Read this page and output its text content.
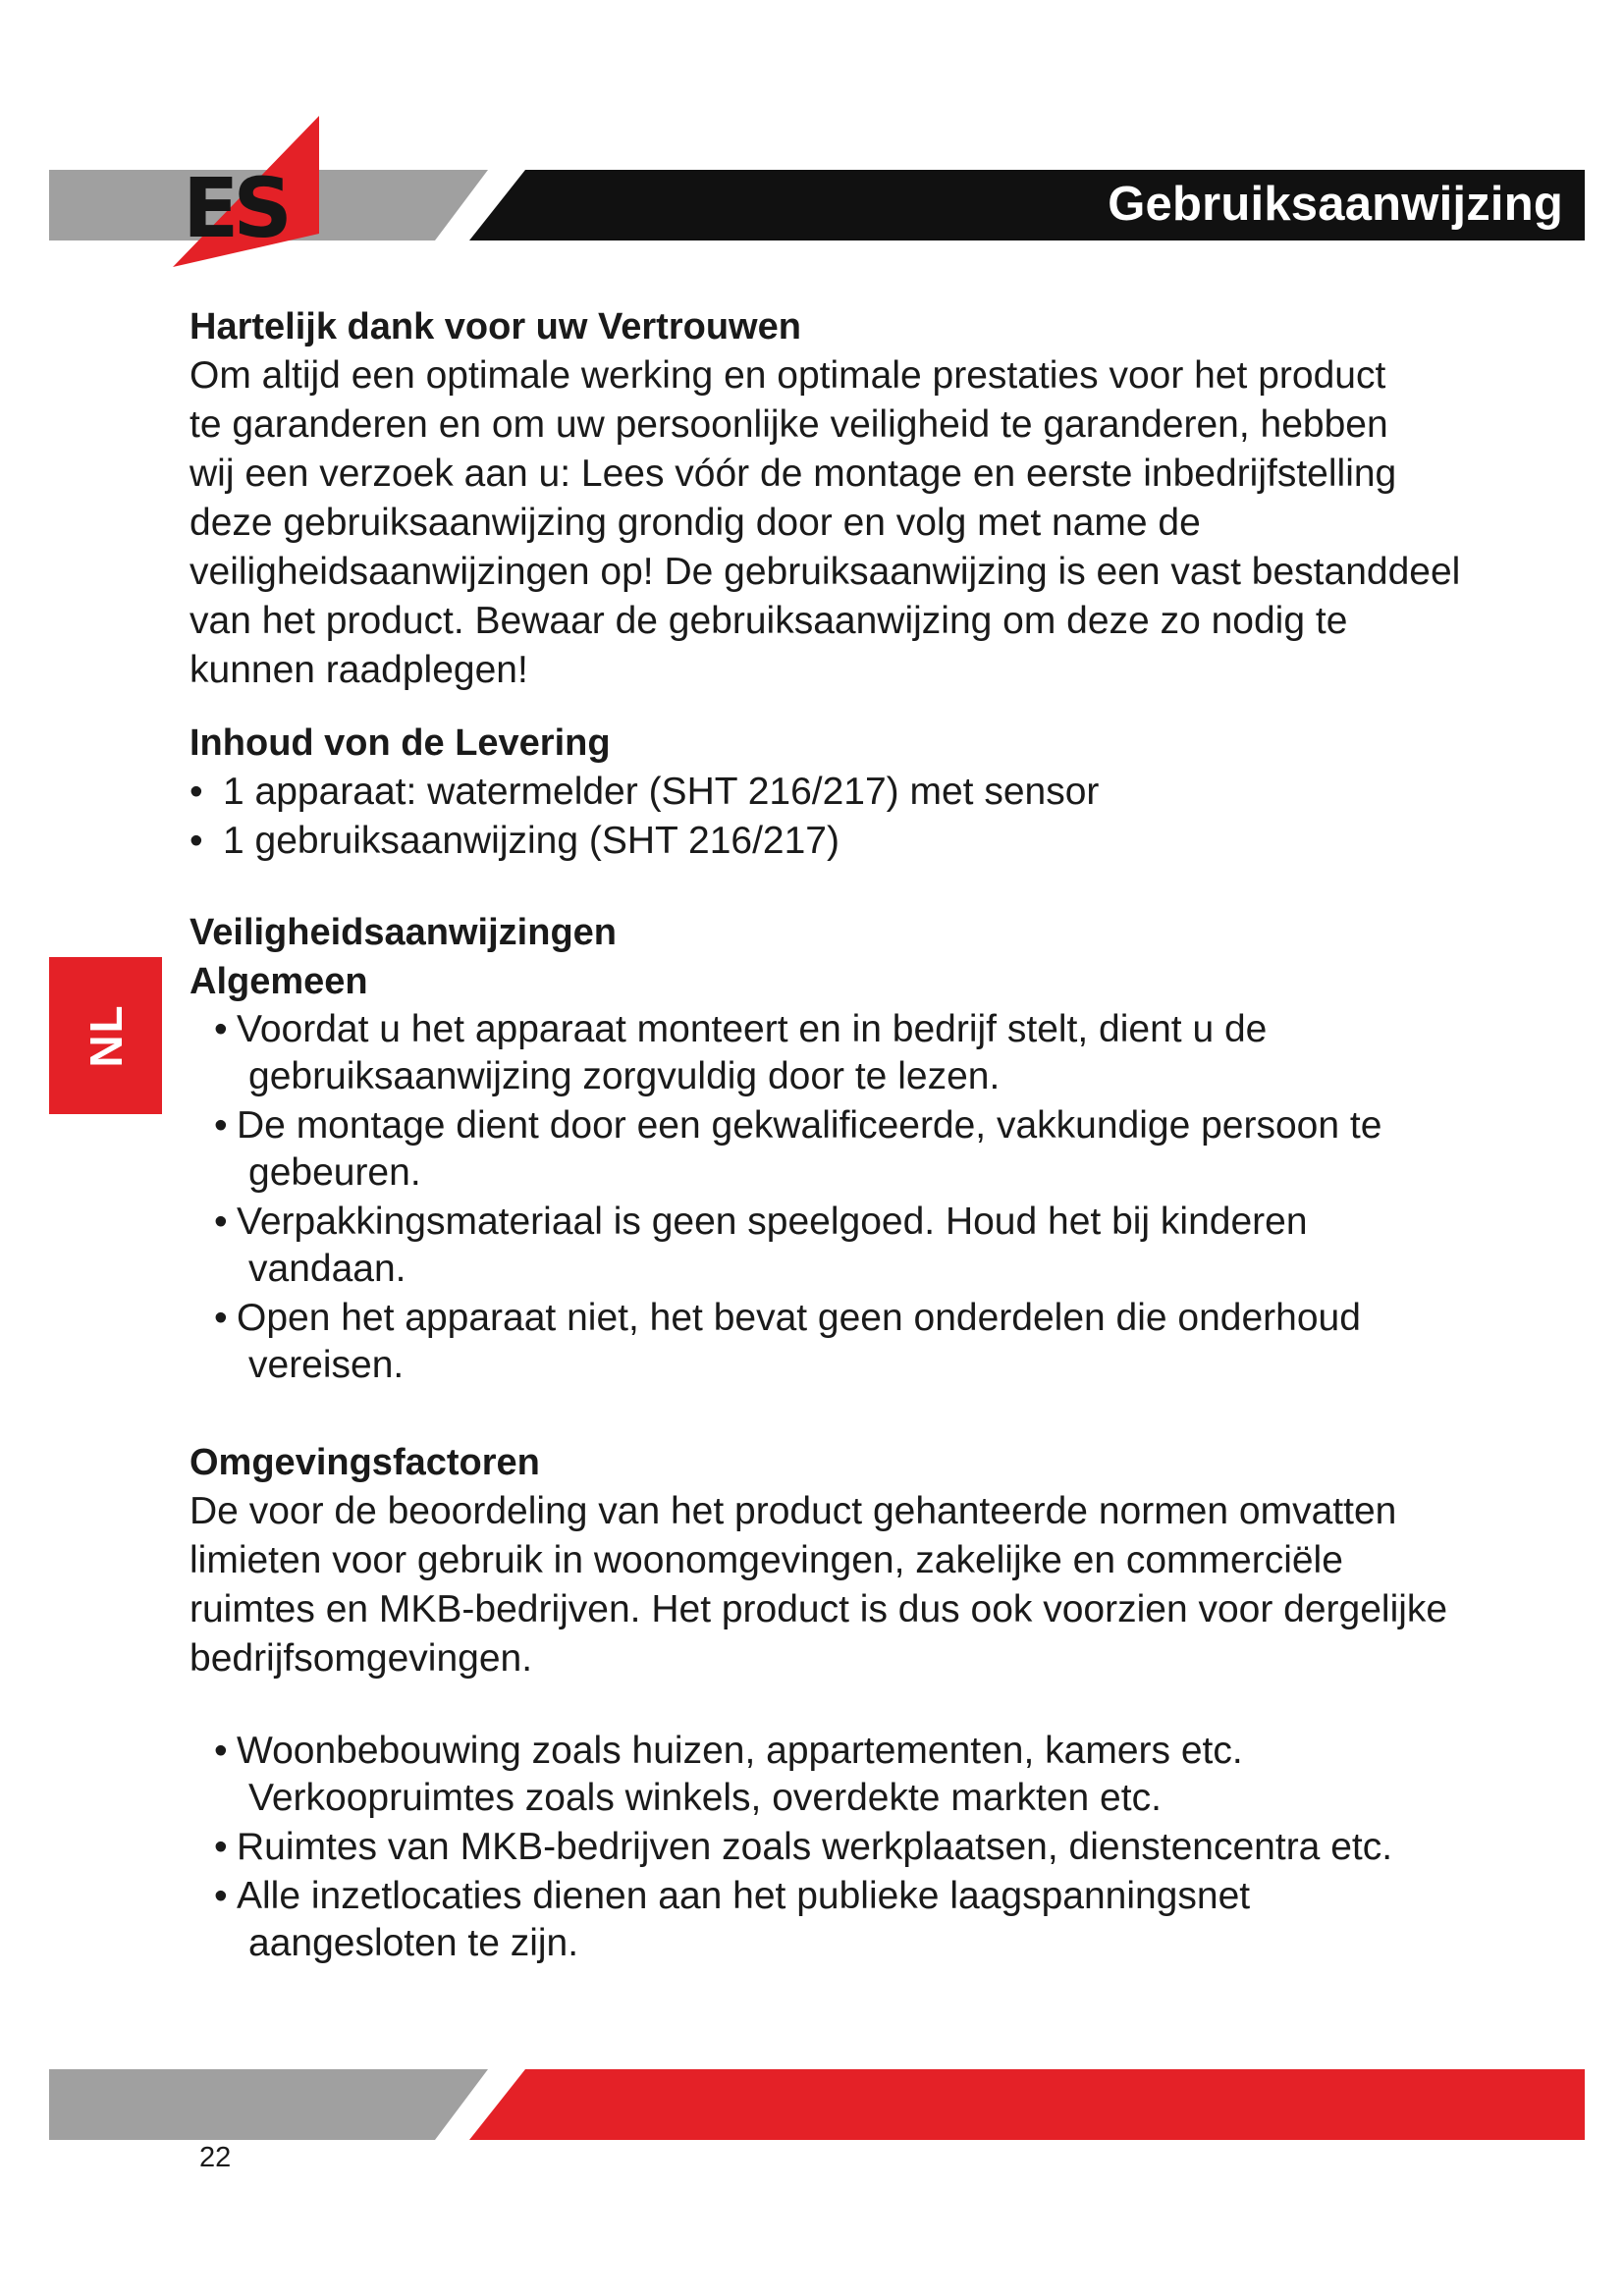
ES	Gebruiksaanwijzing
NL

Hartelijk dank voor uw Vertrouwen

Om altijd een optimale werking en optimale prestaties voor het product

te garanderen en om uw persoonlijke veiligheid te garanderen, hebben

wij een verzoek aan u: Lees vóór de montage en eerste inbedrijfstelling

deze gebruiksaanwijzing grondig door en volg met name de

veiligheidsaanwijzingen op! De gebruiksaanwijzing is een vast bestanddeel

van het product. Bewaar de gebruiksaanwijzing om deze zo nodig te

kunnen raadplegen!

Inhoud von de Levering

• 1 apparaat: watermelder (SHT 216/217) met sensor
• 1 gebruiksaanwijzing (SHT 216/217)

Veiligheidsaanwijzingen

Algemeen

• Voordat u het apparaat monteert en in bedrijf stelt, dient u de
gebruiksaanwijzing zorgvuldig door te lezen.
• De montage dient door een gekwalificeerde, vakkundige persoon te
gebeuren.
• Verpakkingsmateriaal is geen speelgoed. Houd het bij kinderen
vandaan.
• Open het apparaat niet, het bevat geen onderdelen die onderhoud
vereisen.

Omgevingsfactoren

De voor de beoordeling van het product gehanteerde normen omvatten

limieten voor gebruik in woonomgevingen, zakelijke en commerciële

ruimtes en MKB-bedrijven. Het product is dus ook voorzien voor dergelijke

bedrijfsomgevingen.

• Woonbebouwing zoals huizen, appartementen, kamers etc.
Verkoopruimtes zoals winkels, overdekte markten etc.
• Ruimtes van MKB-bedrijven zoals werkplaatsen, dienstencentra etc.
• Alle inzetlocaties dienen aan het publieke laagspanningsnet
aangesloten te zijn.
22
